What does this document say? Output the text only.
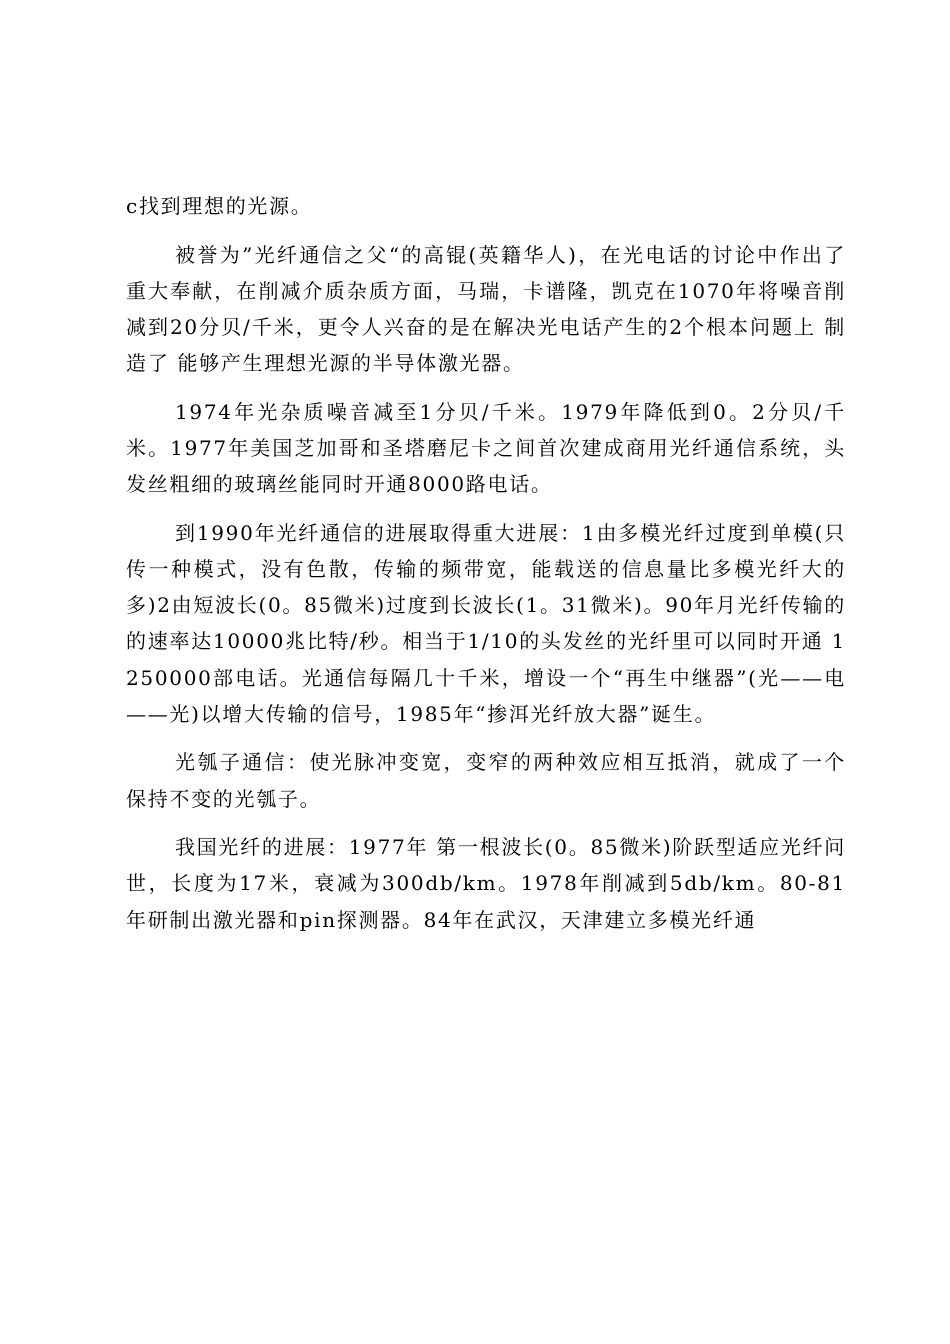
c找到理想的光源。

被誉为”光纤通信之父“的高锟(英籍华人)，在光电话的讨论中作出了重大奉献，在削减介质杂质方面，马瑞，卡谱隆，凯克在1070年将噪音削减到20分贝/千米，更令人兴奋的是在解决光电话产生的2个根本问题上 制造了 能够产生理想光源的半导体激光器。

1974年光杂质噪音减至1分贝/千米。1979年降低到0。2分贝/千米。1977年美国芝加哥和圣塔磨尼卡之间首次建成商用光纤通信系统，头发丝粗细的玻璃丝能同时开通8000路电话。

到1990年光纤通信的进展取得重大进展：1由多模光纤过度到单模(只传一种模式，没有色散，传输的频带宽，能载送的信息量比多模光纤大的多)2由短波长(0。85微米)过度到长波长(1。31微米)。90年月光纤传输的的速率达10000兆比特/秒。相当于1/10的头发丝的光纤里可以同时开通 1250000部电话。光通信每隔几十千米，增设一个“再生中继器”(光——电——光)以增大传输的信号，1985年“掺洱光纤放大器”诞生。

光瓠子通信：使光脉冲变宽，变窄的两种效应相互抵消，就成了一个保持不变的光瓠子。

我国光纤的进展：1977年 第一根波长(0。85微米)阶跃型适应光纤问世，长度为17米，衰减为300db/km。1978年削减到5db/km。80-81年研制出激光器和pin探测器。84年在武汉，天津建立多模光纤通
